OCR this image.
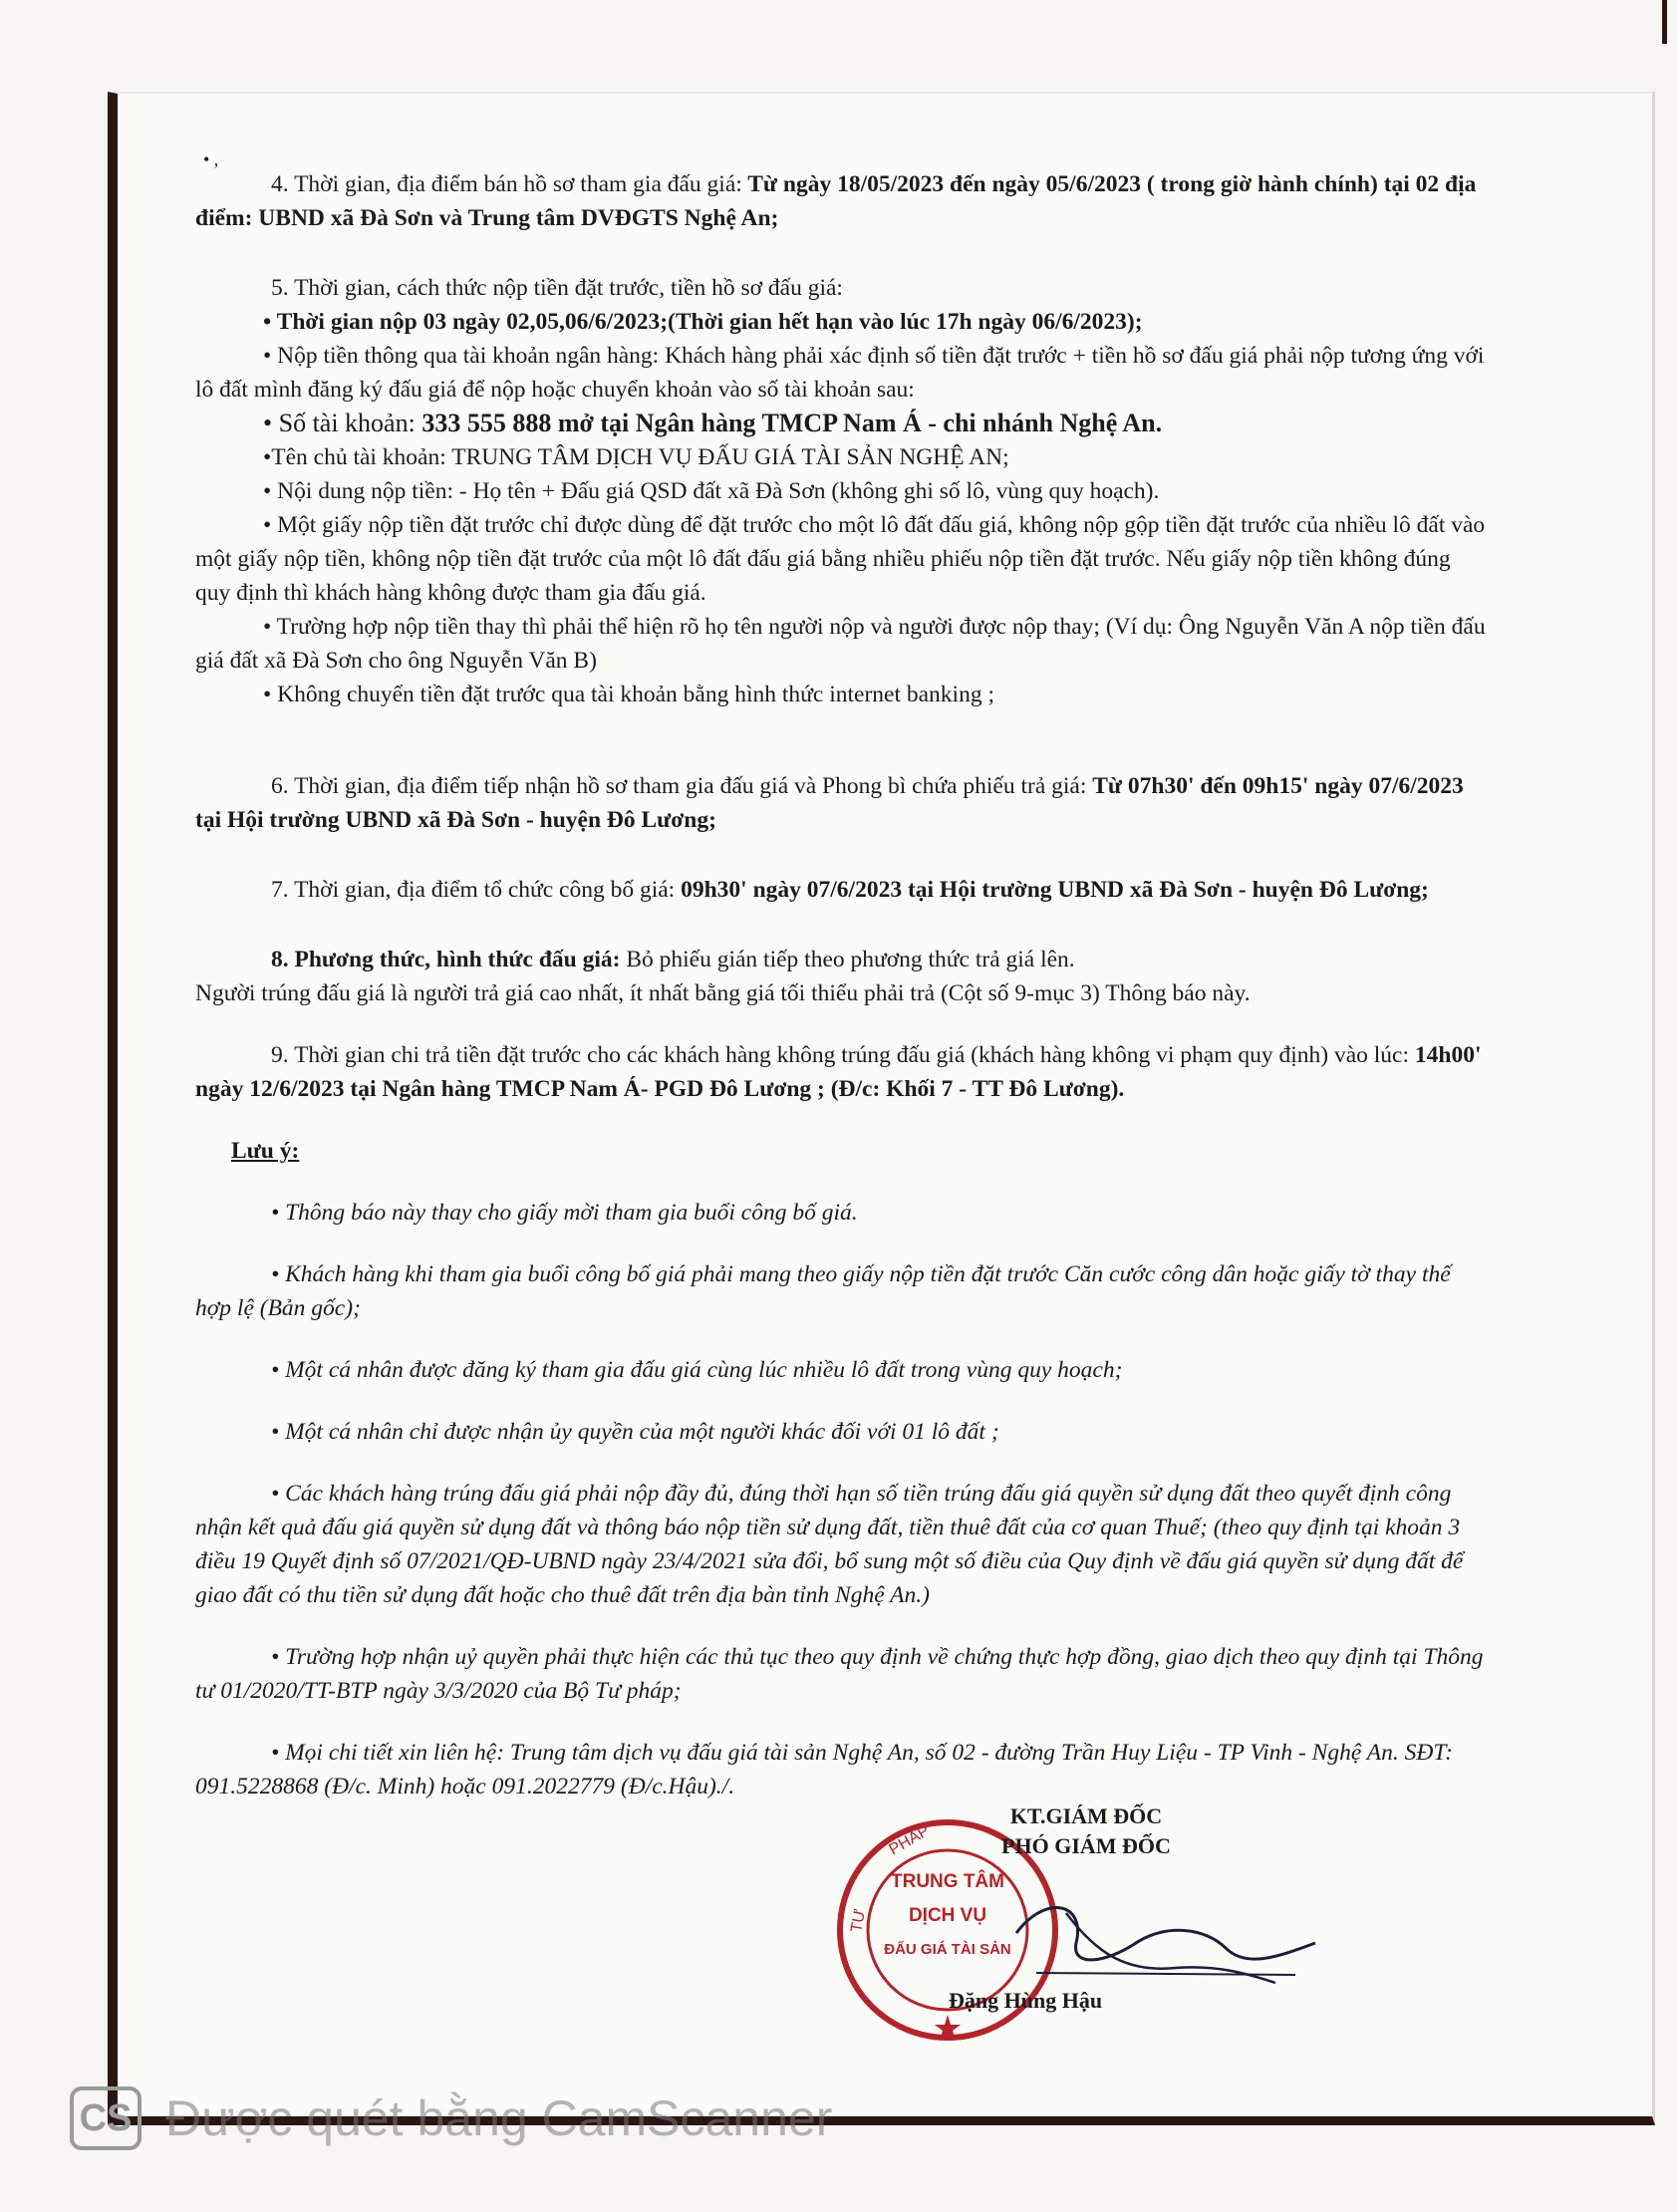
• ,

4. Thời gian, địa điểm bán hồ sơ tham gia đấu giá: Từ ngày 18/05/2023 đến ngày 05/6/2023 ( trong giờ hành chính) tại 02 địa điểm: UBND xã Đà Sơn và Trung tâm DVĐGTS Nghệ An;

5. Thời gian, cách thức nộp tiền đặt trước, tiền hồ sơ đấu giá:

• Thời gian nộp 03 ngày 02,05,06/6/2023;(Thời gian hết hạn vào lúc 17h ngày 06/6/2023);

• Nộp tiền thông qua tài khoản ngân hàng: Khách hàng phải xác định số tiền đặt trước + tiền hồ sơ đấu giá phải nộp tương ứng với lô đất mình đăng ký đấu giá để nộp hoặc chuyển khoản vào số tài khoản sau:

• Số tài khoản: 333 555 888 mở tại Ngân hàng TMCP Nam Á - chi nhánh Nghệ An.

•Tên chủ tài khoản: TRUNG TÂM DỊCH VỤ ĐẤU GIÁ TÀI SẢN NGHỆ AN;

• Nội dung nộp tiền: - Họ tên + Đấu giá QSD đất xã Đà Sơn (không ghi số lô, vùng quy hoạch).

• Một giấy nộp tiền đặt trước chỉ được dùng để đặt trước cho một lô đất đấu giá, không nộp gộp tiền đặt trước của nhiều lô đất vào một giấy nộp tiền, không nộp tiền đặt trước của một lô đất đấu giá bằng nhiều phiếu nộp tiền đặt trước. Nếu giấy nộp tiền không đúng quy định thì khách hàng không được tham gia đấu giá.

• Trường hợp nộp tiền thay thì phải thể hiện rõ họ tên người nộp và người được nộp thay; (Ví dụ: Ông Nguyễn Văn A nộp tiền đấu giá đất xã Đà Sơn cho ông Nguyễn Văn B)

• Không chuyển tiền đặt trước qua tài khoản bằng hình thức internet banking ;

6. Thời gian, địa điểm tiếp nhận hồ sơ tham gia đấu giá và Phong bì chứa phiếu trả giá: Từ 07h30' đến 09h15' ngày 07/6/2023 tại Hội trường UBND xã Đà Sơn - huyện Đô Lương;

7. Thời gian, địa điểm tổ chức công bố giá: 09h30' ngày 07/6/2023 tại Hội trường UBND xã Đà Sơn - huyện Đô Lương;

8. Phương thức, hình thức đấu giá: Bỏ phiếu gián tiếp theo phương thức trả giá lên.

Người trúng đấu giá là người trả giá cao nhất, ít nhất bằng giá tối thiểu phải trả (Cột số 9-mục 3) Thông báo này.

9. Thời gian chi trả tiền đặt trước cho các khách hàng không trúng đấu giá (khách hàng không vi phạm quy định) vào lúc: 14h00' ngày 12/6/2023 tại Ngân hàng TMCP Nam Á- PGD Đô Lương ; (Đ/c: Khối 7 - TT Đô Lương).

Lưu ý:

• Thông báo này thay cho giấy mời tham gia buổi công bố giá.

• Khách hàng khi tham gia buổi công bố giá phải mang theo giấy nộp tiền đặt trước Căn cước công dân hoặc giấy tờ thay thế hợp lệ (Bản gốc);

• Một cá nhân được đăng ký tham gia đấu giá cùng lúc nhiều lô đất trong vùng quy hoạch;

• Một cá nhân chỉ được nhận ủy quyền của một người khác đối với 01 lô đất ;

• Các khách hàng trúng đấu giá phải nộp đầy đủ, đúng thời hạn số tiền trúng đấu giá quyền sử dụng đất theo quyết định công nhận kết quả đấu giá quyền sử dụng đất và thông báo nộp tiền sử dụng đất, tiền thuê đất của cơ quan Thuế; (theo quy định tại khoản 3 điều 19 Quyết định số 07/2021/QĐ-UBND ngày 23/4/2021 sửa đổi, bổ sung một số điều của Quy định về đấu giá quyền sử dụng đất để giao đất có thu tiền sử dụng đất hoặc cho thuê đất trên địa bàn tỉnh Nghệ An.)

• Trường hợp nhận uỷ quyền phải thực hiện các thủ tục theo quy định về chứng thực hợp đồng, giao dịch theo quy định tại Thông tư 01/2020/TT-BTP ngày 3/3/2020 của Bộ Tư pháp;

• Mọi chi tiết xin liên hệ: Trung tâm dịch vụ đấu giá tài sản Nghệ An, số 02 - đường Trần Huy Liệu - TP Vinh - Nghệ An. SĐT: 091.5228868 (Đ/c. Minh) hoặc 091.2022779 (Đ/c.Hậu)./.

PHÁP
TƯ
TRUNG TÂM
DỊCH VỤ
ĐẤU GIÁ TÀI SẢN
KT.GIÁM ĐỐC
PHÓ GIÁM ĐỐC
Đặng Hùng Hậu
CS Được quét bằng CamScanner
